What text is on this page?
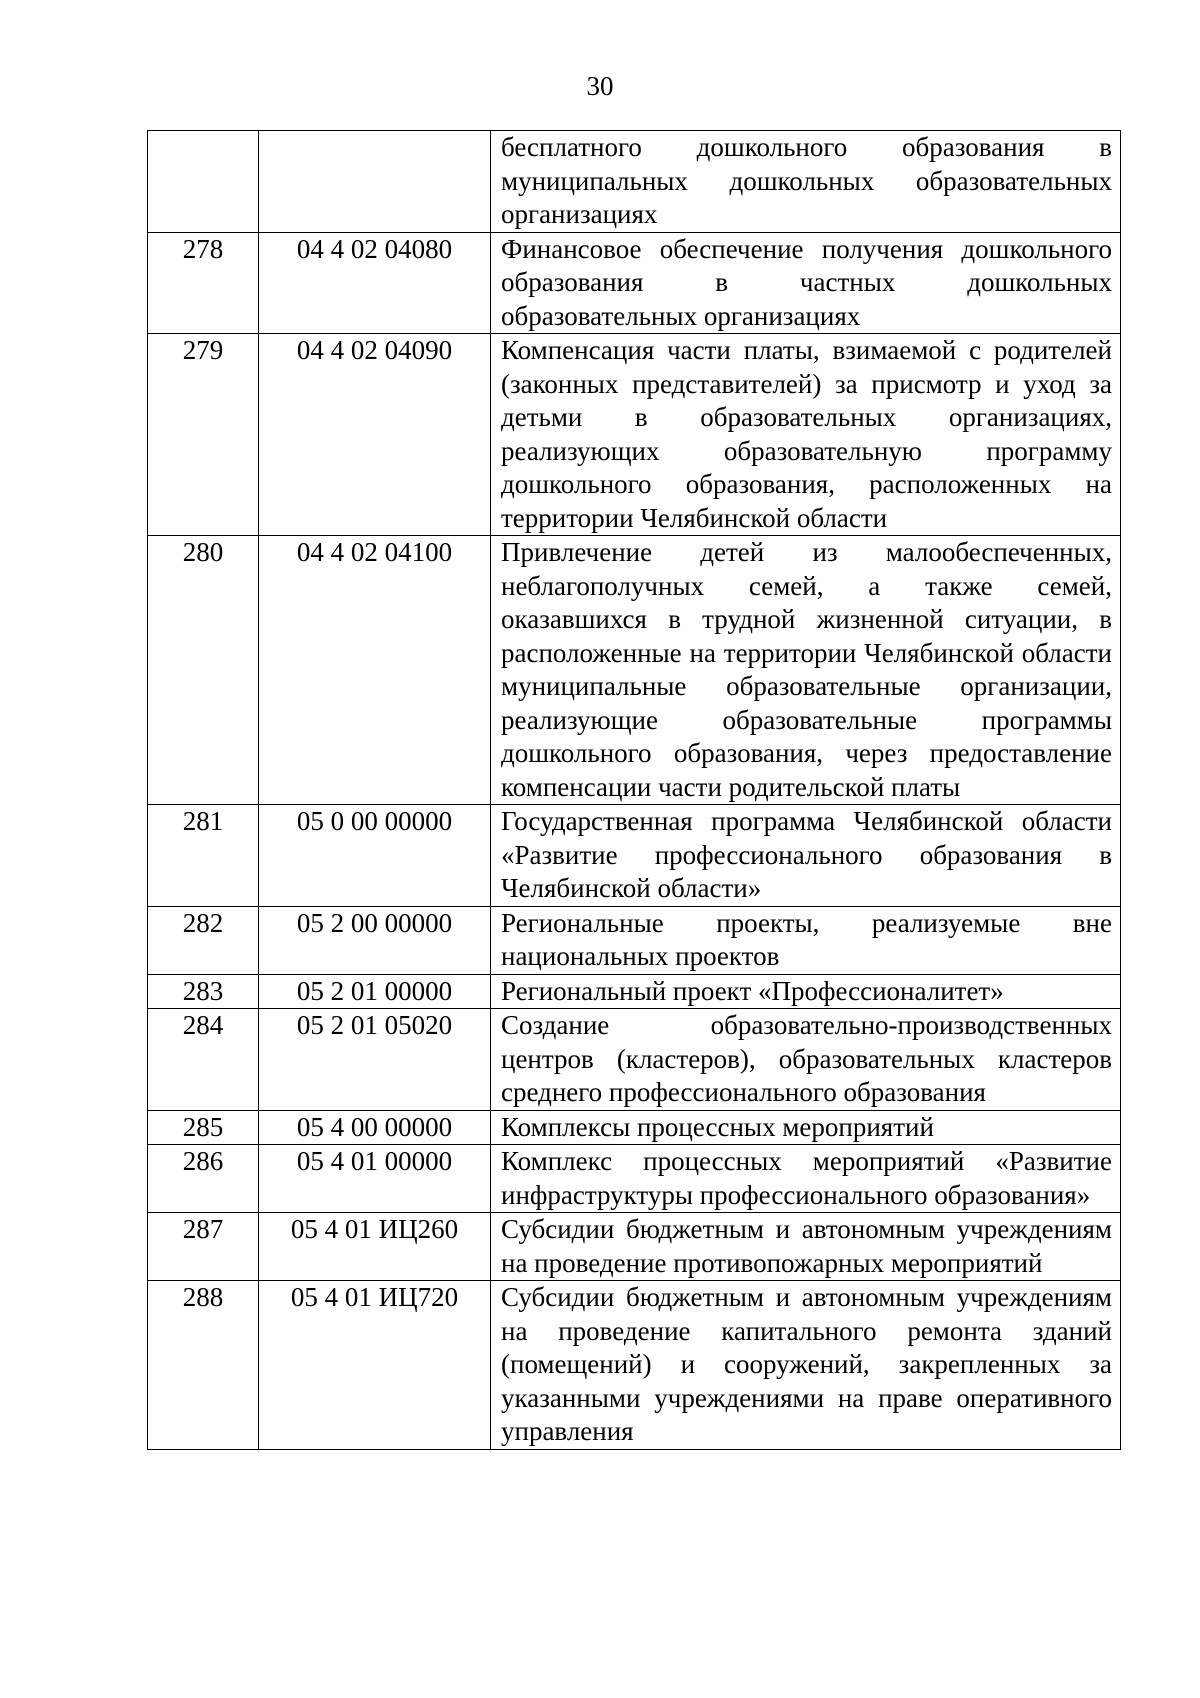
30
		бесплатного дошкольного образования в муниципальных дошкольных образовательных организациях
278	04 4 02 04080	Финансовое обеспечение получения дошкольного образования в частных дошкольных образовательных организациях
279	04 4 02 04090	Компенсация части платы, взимаемой с родителей (законных представителей) за присмотр и уход за детьми в образовательных организациях, реализующих образовательную программу дошкольного образования, расположенных на территории Челябинской области
280	04 4 02 04100	Привлечение детей из малообеспеченных, неблагополучных семей, а также семей, оказавшихся в трудной жизненной ситуации, в расположенные на территории Челябинской области муниципальные образовательные организации, реализующие образовательные программы дошкольного образования, через предоставление компенсации части родительской платы
281	05 0 00 00000	Государственная программа Челябинской области «Развитие профессионального образования в Челябинской области»
282	05 2 00 00000	Региональные проекты, реализуемые вне национальных проектов
283	05 2 01 00000	Региональный проект «Профессионалитет»
284	05 2 01 05020	Создание образовательно-производственных центров (кластеров), образовательных кластеров среднего профессионального образования
285	05 4 00 00000	Комплексы процессных мероприятий
286	05 4 01 00000	Комплекс процессных мероприятий «Развитие инфраструктуры профессионального образования»
287	05 4 01 ИЦ260	Субсидии бюджетным и автономным учреждениям на проведение противопожарных мероприятий
288	05 4 01 ИЦ720	Субсидии бюджетным и автономным учреждениям на проведение капитального ремонта зданий (помещений) и сооружений, закрепленных за указанными учреждениями на праве оперативного управления
